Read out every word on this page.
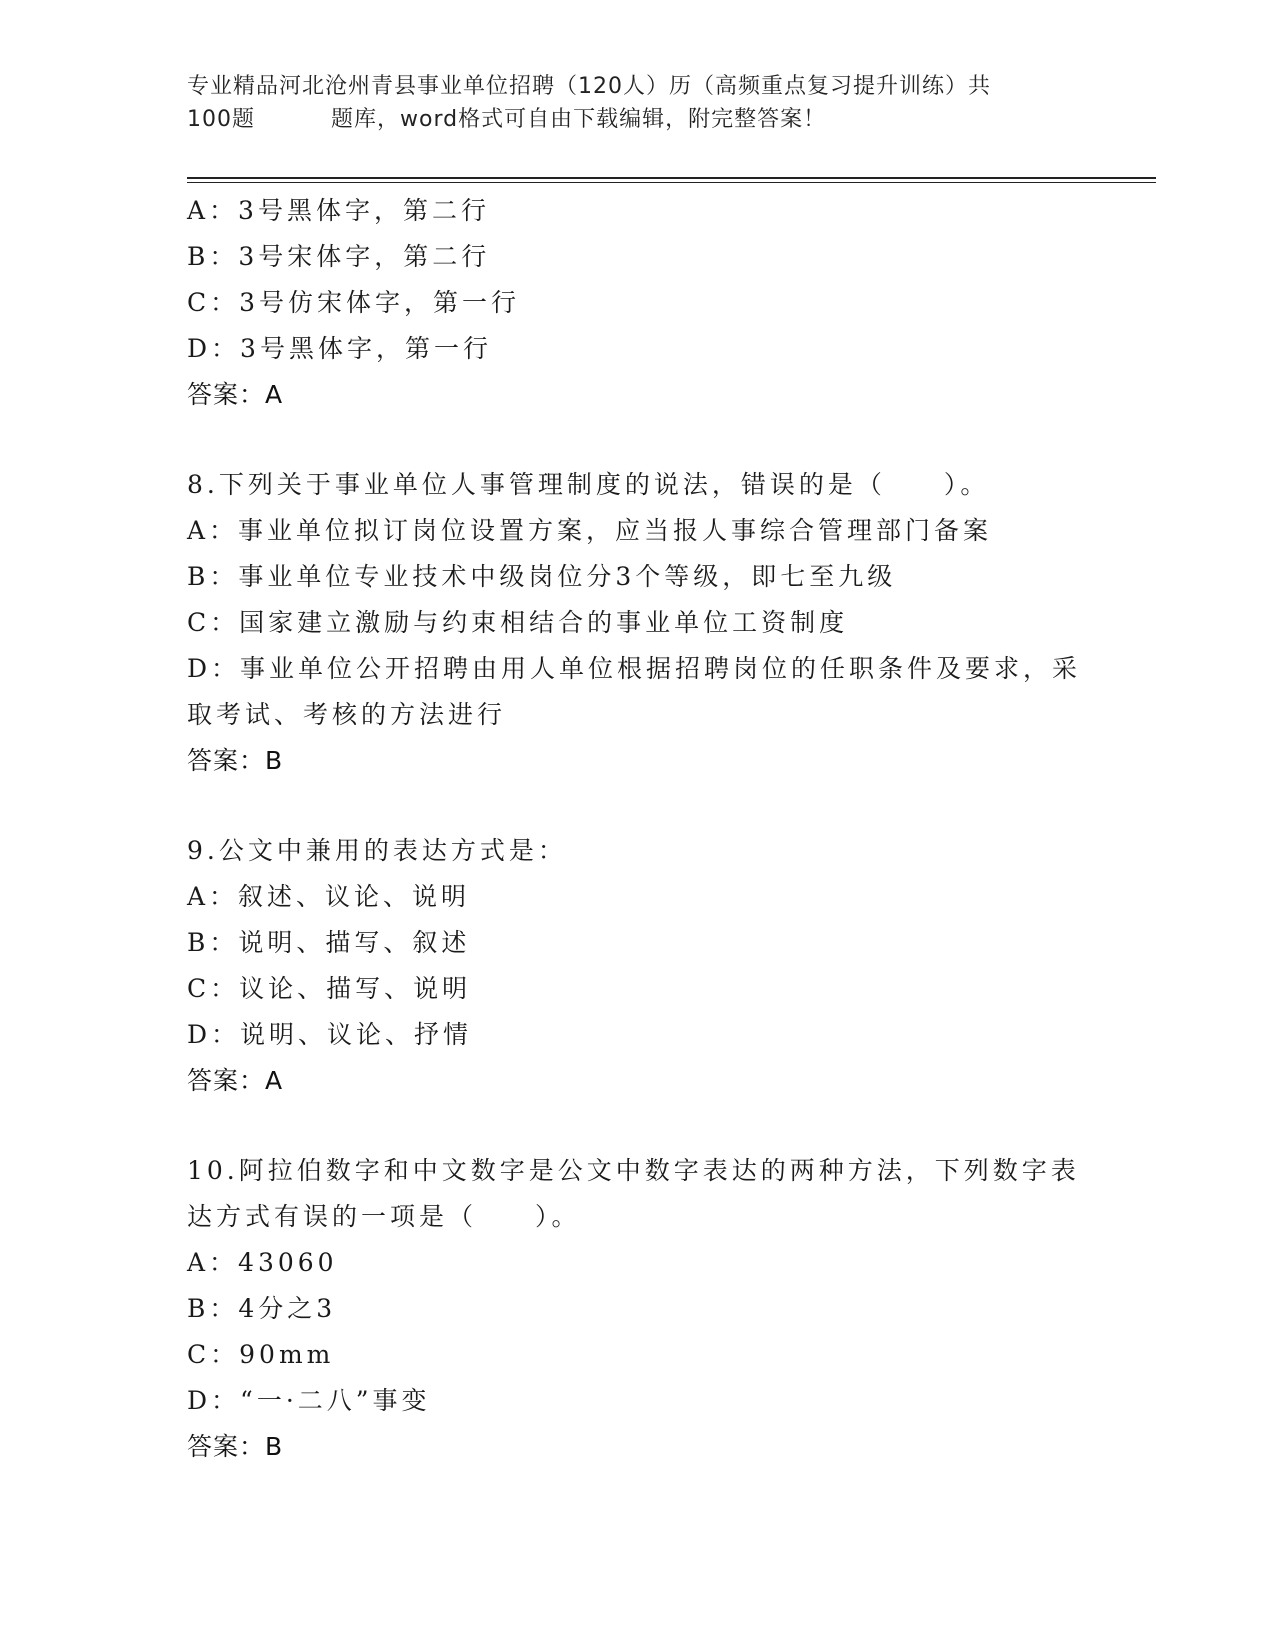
专业精品河北沧州青县事业单位招聘（120人）历（高频重点复习提升训练）共
100题	题库，word格式可自由下载编辑，附完整答案！
A：3号黑体字，第二行
B：3号宋体字，第二行
C：3号仿宋体字，第一行
D：3号黑体字，第一行
答案：A
8.下列关于事业单位人事管理制度的说法，错误的是（　　）。
A：事业单位拟订岗位设置方案，应当报人事综合管理部门备案
B：事业单位专业技术中级岗位分3个等级，即七至九级
C：国家建立激励与约束相结合的事业单位工资制度
D：事业单位公开招聘由用人单位根据招聘岗位的任职条件及要求，采
取考试、考核的方法进行
答案：B
9.公文中兼用的表达方式是：
A：叙述、议论、说明
B：说明、描写、叙述
C：议论、描写、说明
D：说明、议论、抒情
答案：A
10.阿拉伯数字和中文数字是公文中数字表达的两种方法，下列数字表
达方式有误的一项是（　　）。
A：43060
B：4分之3
C：90mm
D：“一·二八”事变
答案：B
